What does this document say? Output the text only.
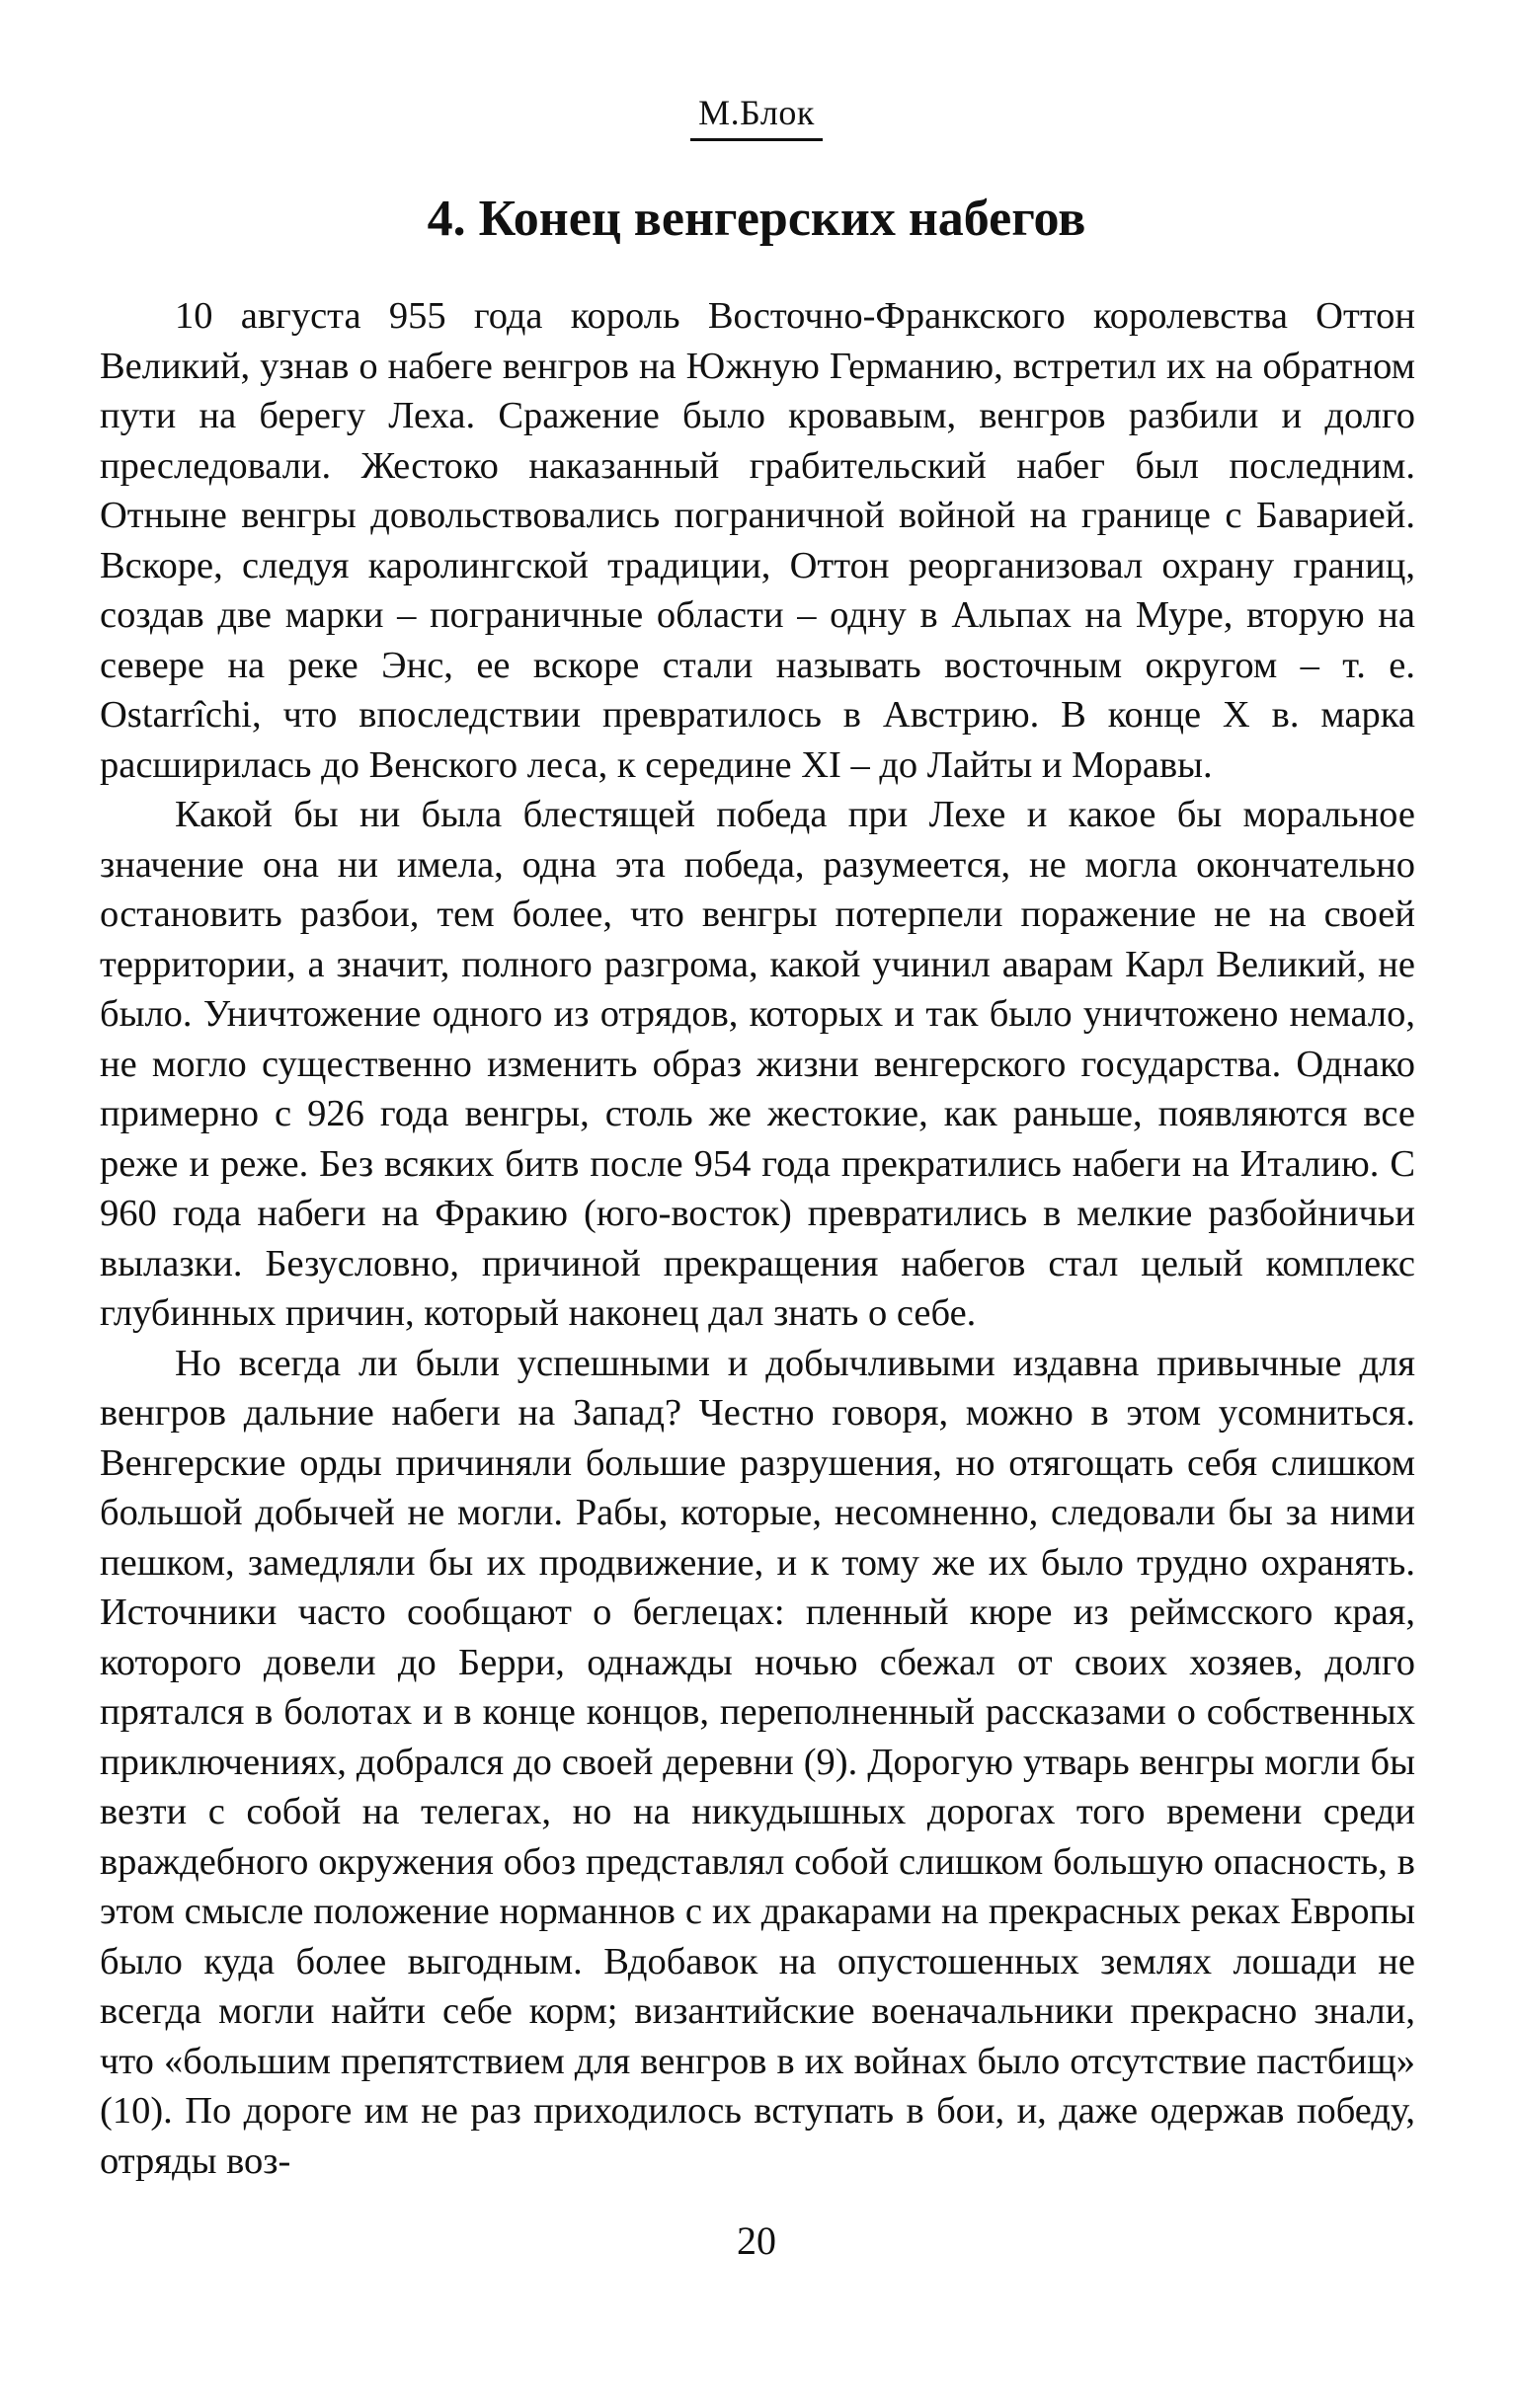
М.Блок
4. Конец венгерских набегов

10 августа 955 года король Восточно-Франкского королевства Оттон Великий, узнав о набеге венгров на Южную Германию, встретил их на обратном пути на берегу Леха. Сражение было кровавым, венгров разбили и долго преследовали. Жестоко наказанный грабительский набег был последним. Отныне венгры довольствовались пограничной войной на границе с Баварией. Вскоре, следуя каролингской традиции, Оттон реорганизовал охрану границ, создав две марки – пограничные области – одну в Альпах на Муре, вторую на севере на реке Энс, ее вскоре стали называть восточным округом – т. е. Ostarrîchi, что впоследствии превратилось в Австрию. В конце X в. марка расширилась до Венского леса, к середине XI – до Лайты и Моравы.

Какой бы ни была блестящей победа при Лехе и какое бы моральное значение она ни имела, одна эта победа, разумеется, не могла окончательно остановить разбои, тем более, что венгры потерпели поражение не на своей территории, а значит, полного разгрома, какой учинил аварам Карл Великий, не было. Уничтожение одного из отрядов, которых и так было уничтожено немало, не могло существенно изменить образ жизни венгерского государства. Однако примерно с 926 года венгры, столь же жестокие, как раньше, появляются все реже и реже. Без всяких битв после 954 года прекратились набеги на Италию. С 960 года набеги на Фракию (юго-восток) превратились в мелкие разбойничьи вылазки. Безусловно, причиной прекращения набегов стал целый комплекс глубинных причин, который наконец дал знать о себе.

Но всегда ли были успешными и добычливыми издавна привычные для венгров дальние набеги на Запад? Честно говоря, можно в этом усомниться. Венгерские орды причиняли большие разрушения, но отягощать себя слишком большой добычей не могли. Рабы, которые, несомненно, следовали бы за ними пешком, замедляли бы их продвижение, и к тому же их было трудно охранять. Источники часто сообщают о беглецах: пленный кюре из реймсского края, которого довели до Берри, однажды ночью сбежал от своих хозяев, долго прятался в болотах и в конце концов, переполненный рассказами о собственных приключениях, добрался до своей деревни (9). Дорогую утварь венгры могли бы везти с собой на телегах, но на никудышных дорогах того времени среди враждебного окружения обоз представлял собой слишком большую опасность, в этом смысле положение норманнов с их дракарами на прекрасных реках Европы было куда более выгодным. Вдобавок на опустошенных землях лошади не всегда могли найти себе корм; византийские военачальники прекрасно знали, что «большим препятствием для венгров в их войнах было отсутствие пастбищ» (10). По дороге им не раз приходилось вступать в бои, и, даже одержав победу, отряды воз-

20
